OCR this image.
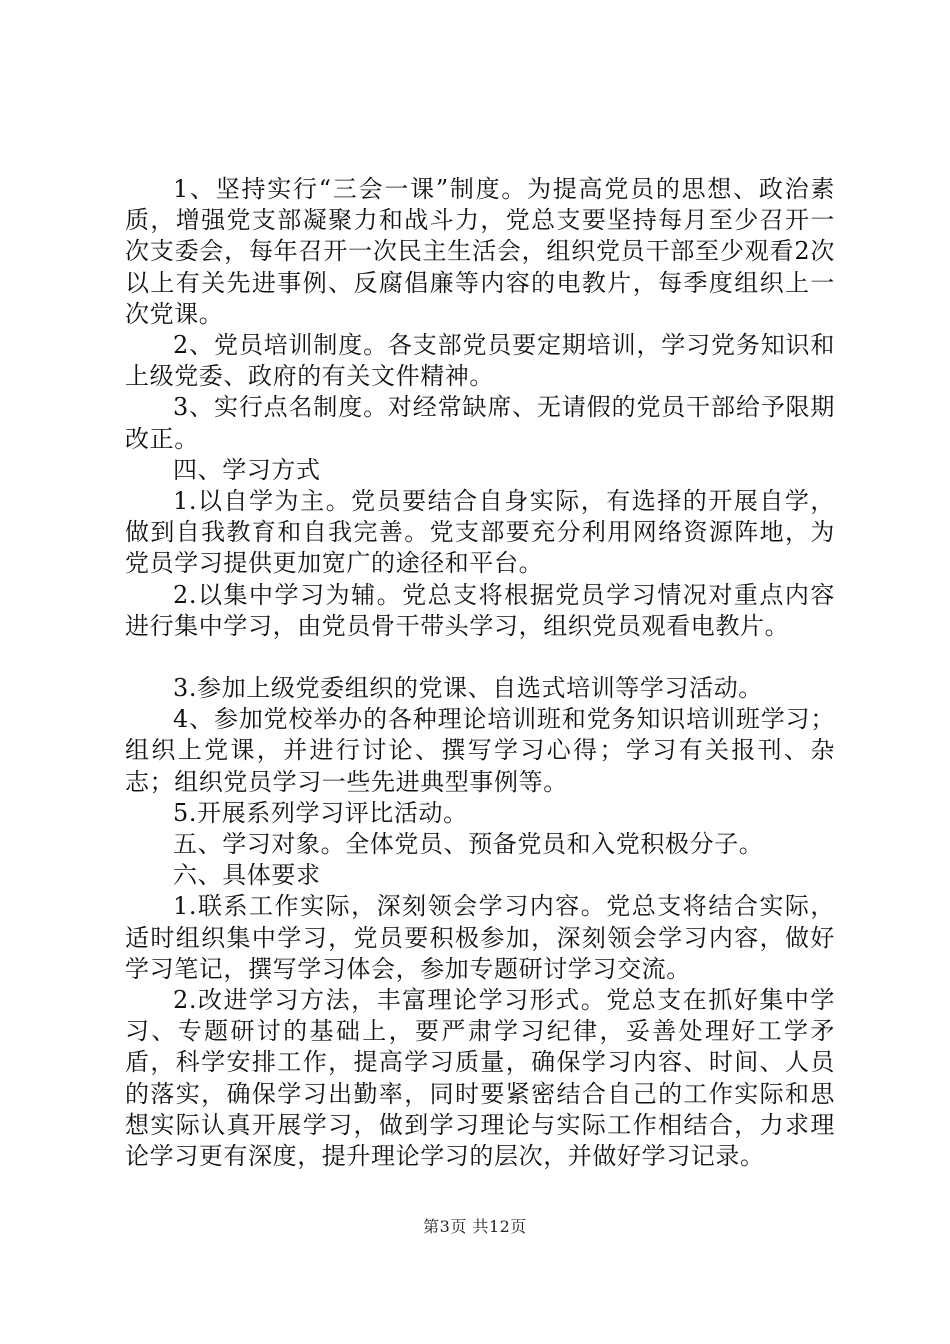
1、坚持实行“三会一课”制度。为提高党员的思想、政治素质，增强党支部凝聚力和战斗力，党总支要坚持每月至少召开一次支委会，每年召开一次民主生活会，组织党员干部至少观看2次以上有关先进事例、反腐倡廉等内容的电教片，每季度组织上一次党课。

2、党员培训制度。各支部党员要定期培训，学习党务知识和上级党委、政府的有关文件精神。

3、实行点名制度。对经常缺席、无请假的党员干部给予限期改正。

四、学习方式

1.以自学为主。党员要结合自身实际，有选择的开展自学，做到自我教育和自我完善。党支部要充分利用网络资源阵地，为党员学习提供更加宽广的途径和平台。

2.以集中学习为辅。党总支将根据党员学习情况对重点内容进行集中学习，由党员骨干带头学习，组织党员观看电教片。

3.参加上级党委组织的党课、自选式培训等学习活动。

4、参加党校举办的各种理论培训班和党务知识培训班学习；组织上党课，并进行讨论、撰写学习心得；学习有关报刊、杂志；组织党员学习一些先进典型事例等。

5.开展系列学习评比活动。

五、学习对象。全体党员、预备党员和入党积极分子。

六、具体要求

1.联系工作实际，深刻领会学习内容。党总支将结合实际，适时组织集中学习，党员要积极参加，深刻领会学习内容，做好学习笔记，撰写学习体会，参加专题研讨学习交流。

2.改进学习方法，丰富理论学习形式。党总支在抓好集中学习、专题研讨的基础上，要严肃学习纪律，妥善处理好工学矛盾，科学安排工作，提高学习质量，确保学习内容、时间、人员的落实，确保学习出勤率，同时要紧密结合自己的工作实际和思想实际认真开展学习，做到学习理论与实际工作相结合，力求理论学习更有深度，提升理论学习的层次，并做好学习记录。

第3页 共12页
